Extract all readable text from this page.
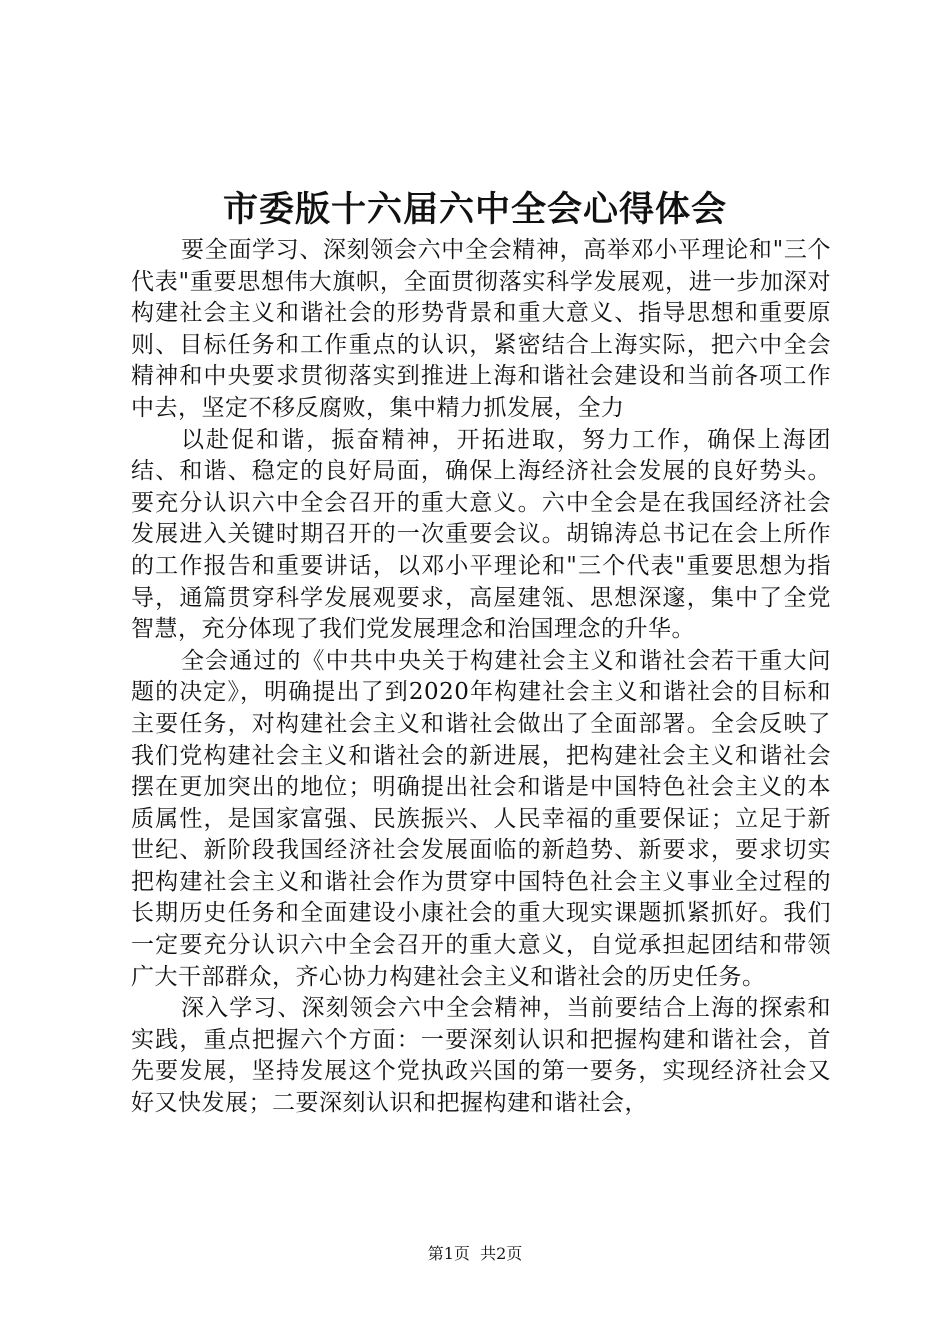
市委版十六届六中全会心得体会

要全面学习、深刻领会六中全会精神，高举邓小平理论和"三个代表"重要思想伟大旗帜，全面贯彻落实科学发展观，进一步加深对构建社会主义和谐社会的形势背景和重大意义、指导思想和重要原则、目标任务和工作重点的认识，紧密结合上海实际，把六中全会精神和中央要求贯彻落实到推进上海和谐社会建设和当前各项工作中去，坚定不移反腐败，集中精力抓发展，全力

以赴促和谐，振奋精神，开拓进取，努力工作，确保上海团结、和谐、稳定的良好局面，确保上海经济社会发展的良好势头。要充分认识六中全会召开的重大意义。六中全会是在我国经济社会发展进入关键时期召开的一次重要会议。胡锦涛总书记在会上所作的工作报告和重要讲话，以邓小平理论和"三个代表"重要思想为指导，通篇贯穿科学发展观要求，高屋建瓴、思想深邃，集中了全党智慧，充分体现了我们党发展理念和治国理念的升华。

全会通过的《中共中央关于构建社会主义和谐社会若干重大问题的决定》，明确提出了到2020年构建社会主义和谐社会的目标和主要任务，对构建社会主义和谐社会做出了全面部署。全会反映了我们党构建社会主义和谐社会的新进展，把构建社会主义和谐社会摆在更加突出的地位；明确提出社会和谐是中国特色社会主义的本质属性，是国家富强、民族振兴、人民幸福的重要保证；立足于新世纪、新阶段我国经济社会发展面临的新趋势、新要求，要求切实把构建社会主义和谐社会作为贯穿中国特色社会主义事业全过程的长期历史任务和全面建设小康社会的重大现实课题抓紧抓好。我们一定要充分认识六中全会召开的重大意义，自觉承担起团结和带领广大干部群众，齐心协力构建社会主义和谐社会的历史任务。

深入学习、深刻领会六中全会精神，当前要结合上海的探索和实践，重点把握六个方面：一要深刻认识和把握构建和谐社会，首先要发展，坚持发展这个党执政兴国的第一要务，实现经济社会又好又快发展；二要深刻认识和把握构建和谐社会，

第1页  共2页
